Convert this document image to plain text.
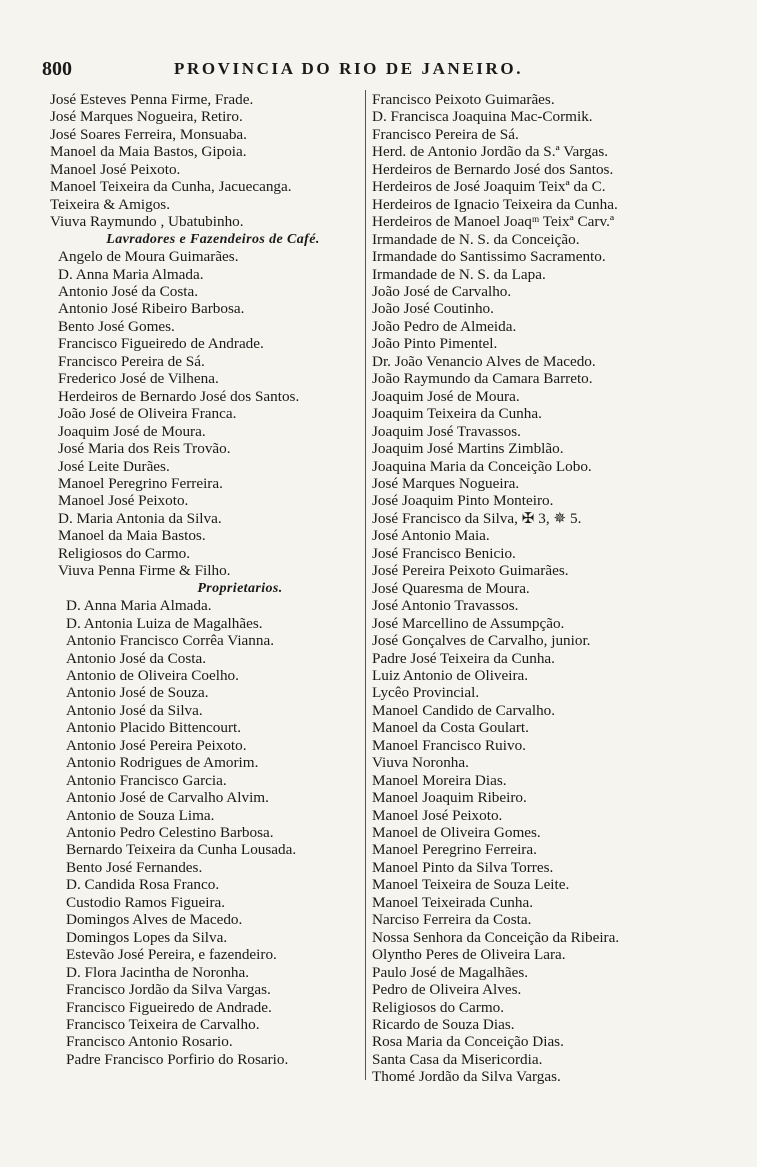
800	PROVINCIA DO RIO DE JANEIRO.
José Esteves Penna Firme, Frade.
José Marques Nogueira, Retiro.
José Soares Ferreira, Monsuaba.
Manoel da Maia Bastos, Gipoia.
Manoel José Peixoto.
Manoel Teixeira da Cunha, Jacuecanga.
Teixeira & Amigos.
Viuva Raymundo , Ubatubinho.
Lavradores e Fazendeiros de Café.
Angelo de Moura Guimarães.
D. Anna Maria Almada.
Antonio José da Costa.
Antonio José Ribeiro Barbosa.
Bento José Gomes.
Francisco Figueiredo de Andrade.
Francisco Pereira de Sá.
Frederico José de Vilhena.
Herdeiros de Bernardo José dos Santos.
João José de Oliveira Franca.
Joaquim José de Moura.
José Maria dos Reis Trovão.
José Leite Durães.
Manoel Peregrino Ferreira.
Manoel José Peixoto.
D. Maria Antonia da Silva.
Manoel da Maia Bastos.
Religiosos do Carmo.
Viuva Penna Firme & Filho.
Proprietarios.
D. Anna Maria Almada.
D. Antonia Luiza de Magalhães.
Antonio Francisco Corrêa Vianna.
Antonio José da Costa.
Antonio de Oliveira Coelho.
Antonio José de Souza.
Antonio José da Silva.
Antonio Placido Bittencourt.
Antonio José Pereira Peixoto.
Antonio Rodrigues de Amorim.
Antonio Francisco Garcia.
Antonio José de Carvalho Alvim.
Antonio de Souza Lima.
Antonio Pedro Celestino Barbosa.
Bernardo Teixeira da Cunha Lousada.
Bento José Fernandes.
D. Candida Rosa Franco.
Custodio Ramos Figueira.
Domingos Alves de Macedo.
Domingos Lopes da Silva.
Estevão José Pereira, e fazendeiro.
D. Flora Jacintha de Noronha.
Francisco Jordão da Silva Vargas.
Francisco Figueiredo de Andrade.
Francisco Teixeira de Carvalho.
Francisco Antonio Rosario.
Padre Francisco Porfirio do Rosario.
Francisco Peixoto Guimarães.
D. Francisca Joaquina Mac-Cormik.
Francisco Pereira de Sá.
Herd. de Antonio Jordão da S.ª Vargas.
Herdeiros de Bernardo José dos Santos.
Herdeiros de José Joaquim Teixª da C.
Herdeiros de Ignacio Teixeira da Cunha.
Herdeiros de Manoel Joaqᵐ Teixª Carv.ª
Irmandade de N. S. da Conceição.
Irmandade do Santissimo Sacramento.
Irmandade de N. S. da Lapa.
João José de Carvalho.
João José Coutinho.
João Pedro de Almeida.
João Pinto Pimentel.
Dr. João Venancio Alves de Macedo.
João Raymundo da Camara Barreto.
Joaquim José de Moura.
Joaquim Teixeira da Cunha.
Joaquim José Travassos.
Joaquim José Martins Zimblão.
Joaquina Maria da Conceição Lobo.
José Marques Nogueira.
José Joaquim Pinto Monteiro.
José Francisco da Silva, ✠ 3, ✵ 5.
José Antonio Maia.
José Francisco Benicio.
José Pereira Peixoto Guimarães.
José Quaresma de Moura.
José Antonio Travassos.
José Marcellino de Assumpção.
José Gonçalves de Carvalho, junior.
Padre José Teixeira da Cunha.
Luiz Antonio de Oliveira.
Lycêo Provincial.
Manoel Candido de Carvalho.
Manoel da Costa Goulart.
Manoel Francisco Ruivo.
Viuva Noronha.
Manoel Moreira Dias.
Manoel Joaquim Ribeiro.
Manoel José Peixoto.
Manoel de Oliveira Gomes.
Manoel Peregrino Ferreira.
Manoel Pinto da Silva Torres.
Manoel Teixeira de Souza Leite.
Manoel Teixeirada Cunha.
Narciso Ferreira da Costa.
Nossa Senhora da Conceição da Ribeira.
Olyntho Peres de Oliveira Lara.
Paulo José de Magalhães.
Pedro de Oliveira Alves.
Religiosos do Carmo.
Ricardo de Souza Dias.
Rosa Maria da Conceição Dias.
Santa Casa da Misericordia.
Thomé Jordão da Silva Vargas.
